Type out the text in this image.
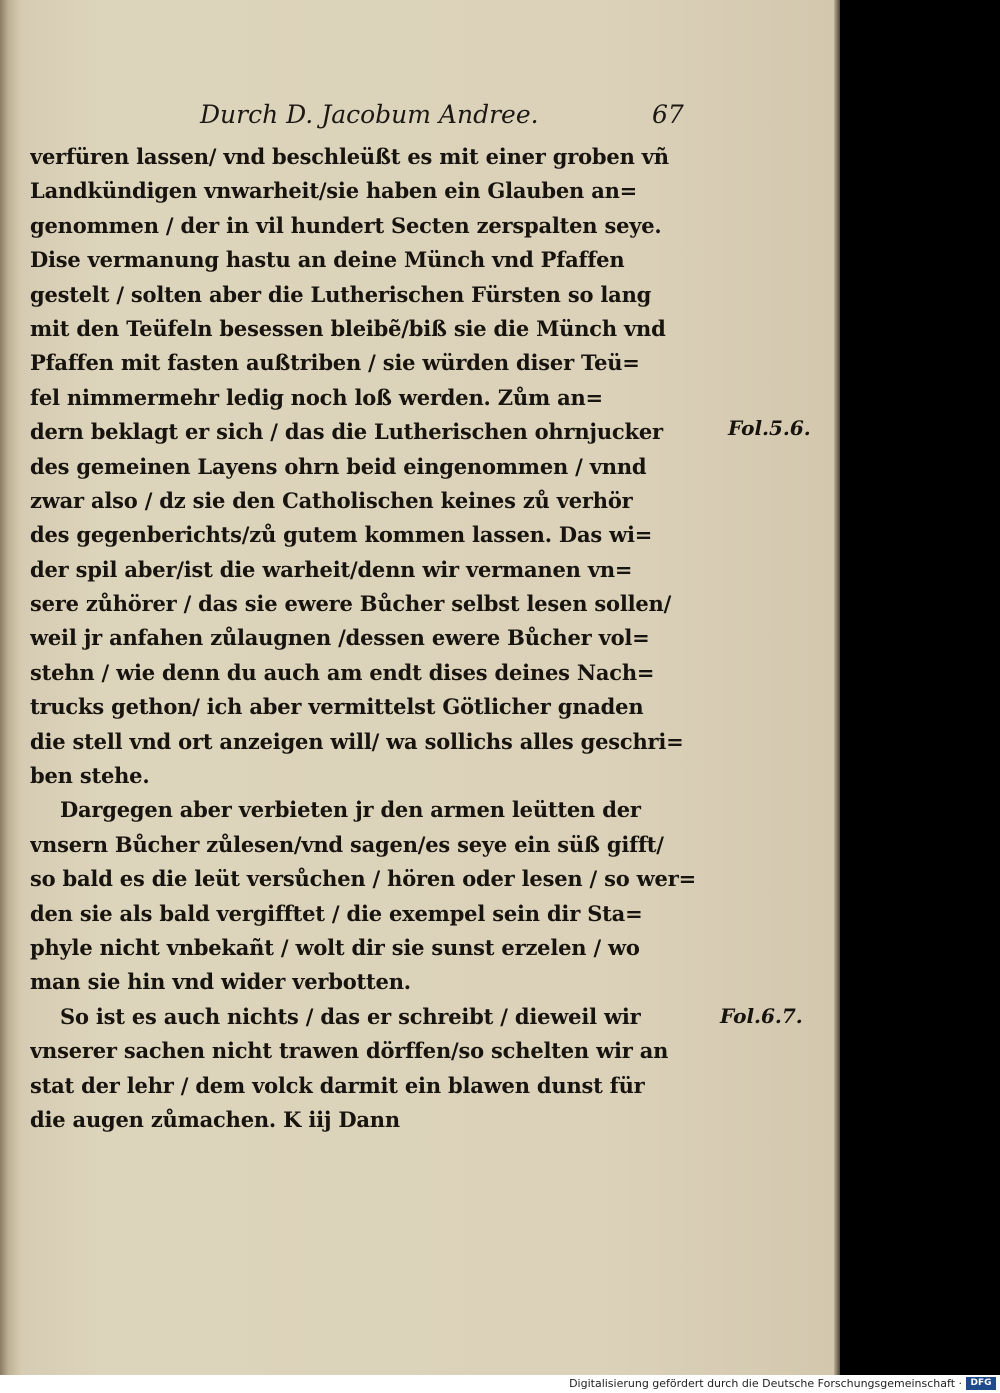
Durch D. Jacobum Andree.	67
verfüren lassen/ vnd beschleüßt es mit einer groben vñ
Landkündigen vnwarheit/sie haben ein Glauben an=
genommen / der in vil hundert Secten zerspalten seye.
Dise vermanung hastu an deine Münch vnd Pfaffen
gestelt / solten aber die Lutherischen Fürsten so lang
mit den Teüfeln besessen bleibẽ/biß sie die Münch vnd
Pfaffen mit fasten außtriben / sie würden diser Teü=
fel nimmermehr ledig noch loß werden. Zům an=
dern beklagt er sich / das die Lutherischen ohrnjucker
des gemeinen Layens ohrn beid eingenommen / vnnd
zwar also / dz sie den Catholischen keines zů verhör
des gegenberichts/zů gutem kommen lassen. Das wi=
der spil aber/ist die warheit/denn wir vermanen vn=
sere zůhörer / das sie ewere Bůcher selbst lesen sollen/
weil jr anfahen zůlaugnen /dessen ewere Bůcher vol=
stehn / wie denn du auch am endt dises deines Nach=
trucks gethon/ ich aber vermittelst Götlicher gnaden
die stell vnd ort anzeigen will/ wa sollichs alles geschri=
ben stehe.
Dargegen aber verbieten jr den armen leütten der
vnsern Bůcher zůlesen/vnd sagen/es seye ein süß gifft/
so bald es die leüt versůchen / hören oder lesen / so wer=
den sie als bald vergifftet / die exempel sein dir Sta=
phyle nicht vnbekañt / wolt dir sie sunst erzelen / wo
man sie hin vnd wider verbotten.
So ist es auch nichts / das er schreibt / dieweil wir
vnserer sachen nicht trawen dörffen/so schelten wir an
stat der lehr / dem volck darmit ein blawen dunst für
die augen zůmachen. K iij Dann
Fol.5.6.
Fol.6.7.
Digitalisierung gefördert durch die Deutsche Forschungsgemeinschaft · DFG
